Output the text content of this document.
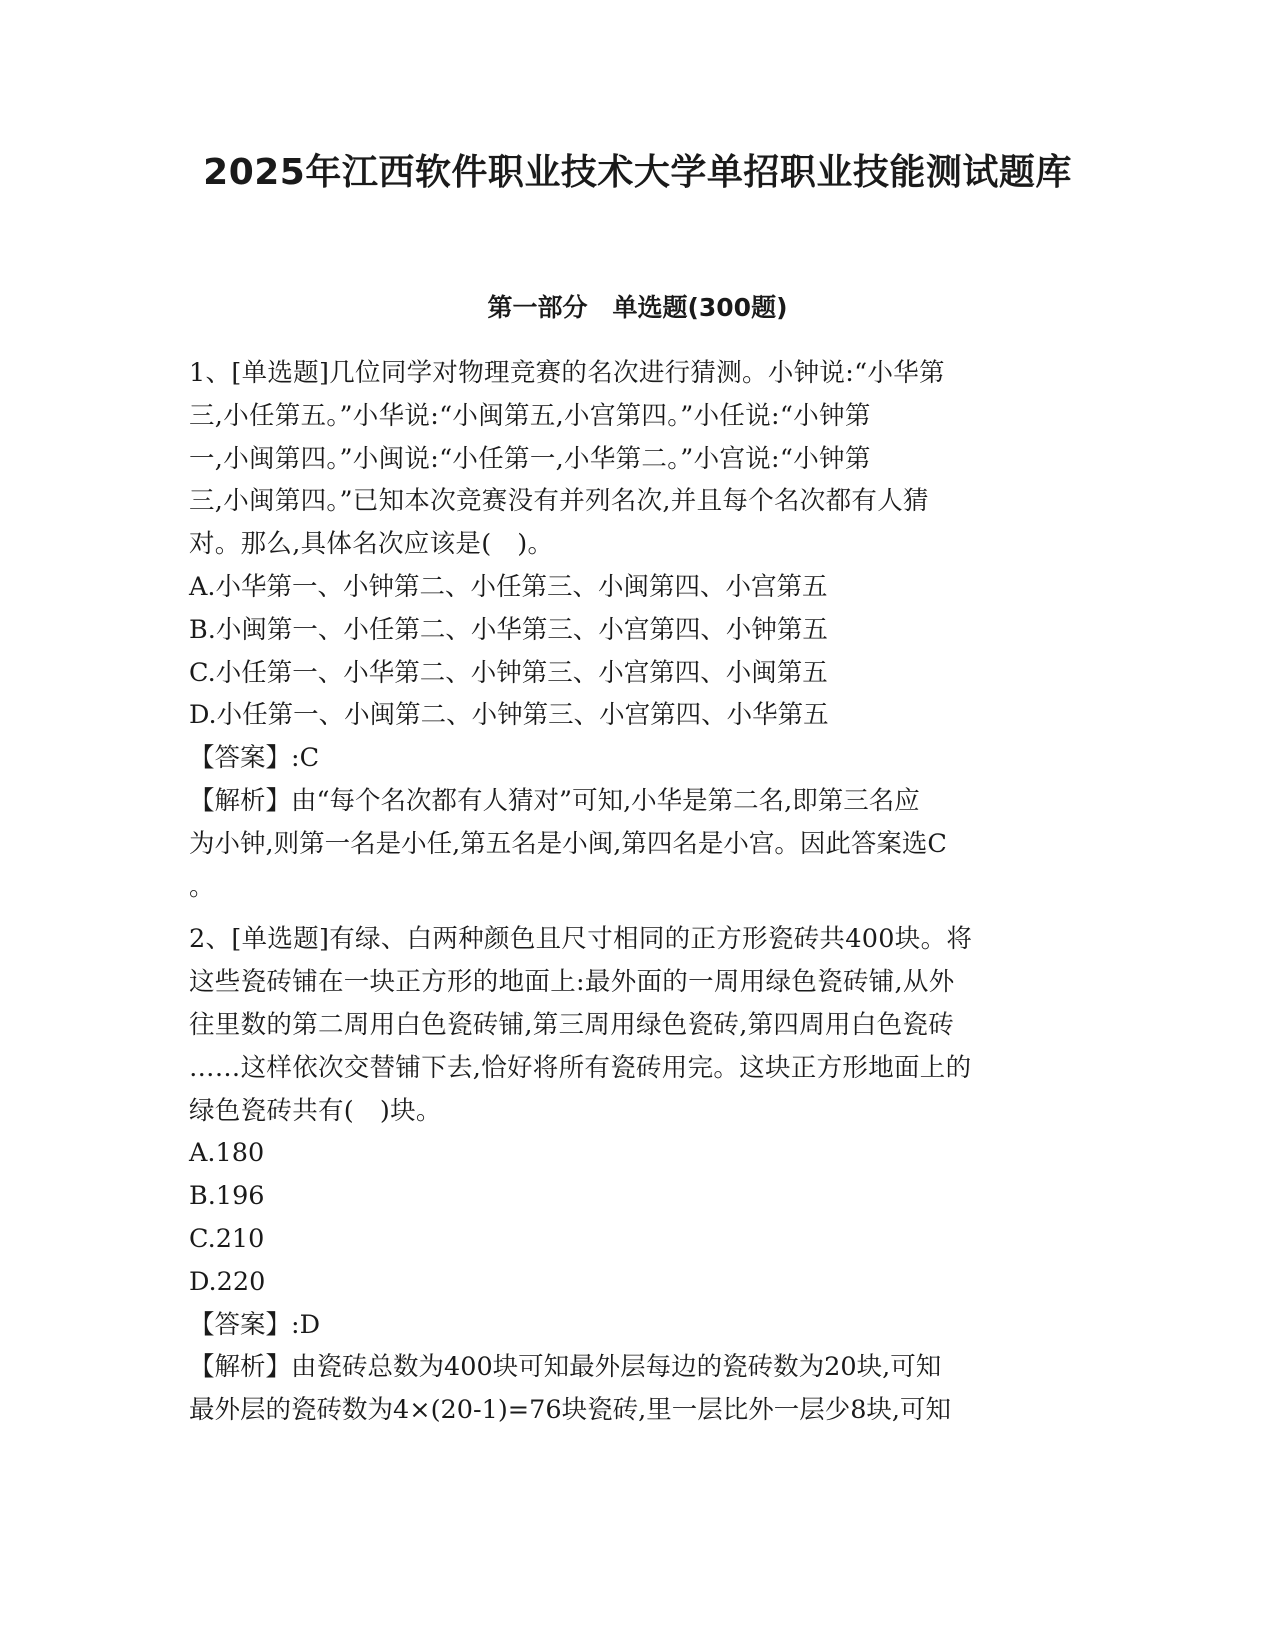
2025年江西软件职业技术大学单招职业技能测试题库
第一部分　单选题(300题)
1、[单选题]几位同学对物理竞赛的名次进行猜测。小钟说:“小华第
三,小任第五。”小华说:“小闽第五,小宫第四。”小任说:“小钟第
一,小闽第四。”小闽说:“小任第一,小华第二。”小宫说:“小钟第
三,小闽第四。”已知本次竞赛没有并列名次,并且每个名次都有人猜
对。那么,具体名次应该是(　)。
A.小华第一、小钟第二、小任第三、小闽第四、小宫第五
B.小闽第一、小任第二、小华第三、小宫第四、小钟第五
C.小任第一、小华第二、小钟第三、小宫第四、小闽第五
D.小任第一、小闽第二、小钟第三、小宫第四、小华第五
【答案】:C
【解析】由“每个名次都有人猜对”可知,小华是第二名,即第三名应
为小钟,则第一名是小任,第五名是小闽,第四名是小宫。因此答案选C
。
2、[单选题]有绿、白两种颜色且尺寸相同的正方形瓷砖共400块。将
这些瓷砖铺在一块正方形的地面上:最外面的一周用绿色瓷砖铺,从外
往里数的第二周用白色瓷砖铺,第三周用绿色瓷砖,第四周用白色瓷砖
……这样依次交替铺下去,恰好将所有瓷砖用完。这块正方形地面上的
绿色瓷砖共有(　)块。
A.180
B.196
C.210
D.220
【答案】:D
【解析】由瓷砖总数为400块可知最外层每边的瓷砖数为20块,可知
最外层的瓷砖数为4×(20-1)=76块瓷砖,里一层比外一层少8块,可知
